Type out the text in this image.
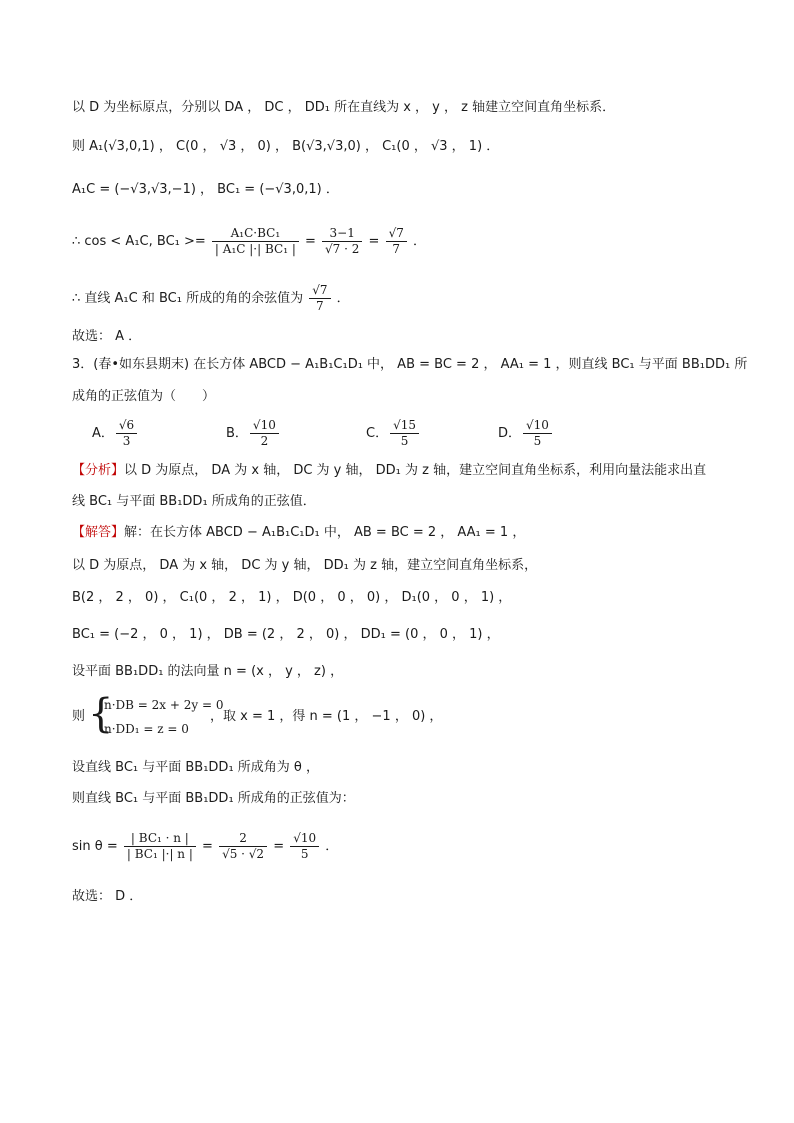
以 D 为坐标原点，分别以 DA ， DC ， DD₁ 所在直线为 x ， y ， z 轴建立空间直角坐标系．
则 A₁(√3,0,1) ， C(0 ， √3 ， 0) ， B(√3,√3,0) ， C₁(0 ， √3 ， 1) ．
A₁C = (−√3,√3,−1) ， BC₁ = (−√3,0,1) ．
∴ cos < A₁C, $BC_1 >= \frac{\text{A₁C·BC₁}}{\text{| A₁C |·| BC₁ |}} = \frac{3-1}{√7 \cdot 2} = \frac{√7}{7}$ ．
∴ 直线 A₁C 和 BC₁ 所成的角的余弦值为 $\frac{√7}{7}$ ．
故选： A ．
3．(春•如东县期末) 在长方体 ABCD − A₁B₁C₁D₁ 中， AB = BC = 2 ， AA₁ = 1 ，则直线 BC₁ 与平面 BB₁DD₁ 所
成角的正弦值为（　　）
A． $\frac{√6}{3}$	B． $\frac{√10}{2}$	C． $\frac{√15}{5}$	D． $\frac{√10}{5}$
【分析】以 D 为原点， DA 为 x 轴， DC 为 y 轴， DD₁ 为 z 轴，建立空间直角坐标系，利用向量法能求出直
线 BC₁ 与平面 BB₁DD₁ 所成角的正弦值．
【解答】解：在长方体 ABCD − A₁B₁C₁D₁ 中， AB = BC = 2 ， AA₁ = 1 ，
以 D 为原点， DA 为 x 轴， DC 为 y 轴， DD₁ 为 z 轴，建立空间直角坐标系，
B(2 ， 2 ， 0) ， C₁(0 ， 2 ， 1) ， D(0 ， 0 ， 0) ， D₁(0 ， 0 ， 1) ，
BC₁ = (−2 ， 0 ， 1) ， DB = (2 ， 2 ， 0) ， DD₁ = (0 ， 0 ， 1) ，
设平面 BB₁DD₁ 的法向量 n = (x ， y ， z) ，
则 {
n·DB = 2x + 2y = 0
n·DD₁ = z = 0
，取 x = 1 ，得 n = (1 ， −1 ， 0) ，
设直线 BC₁ 与平面 BB₁DD₁ 所成角为 θ ，
则直线 BC₁ 与平面 BB₁DD₁ 所成角的正弦值为：
$\sin \theta = \frac{\text{| BC₁ · n |}}{\text{| BC₁ |·| n |}} = \frac{2}{√5 \cdot √2} = \frac{√10}{5}$ ．
故选： D ．
